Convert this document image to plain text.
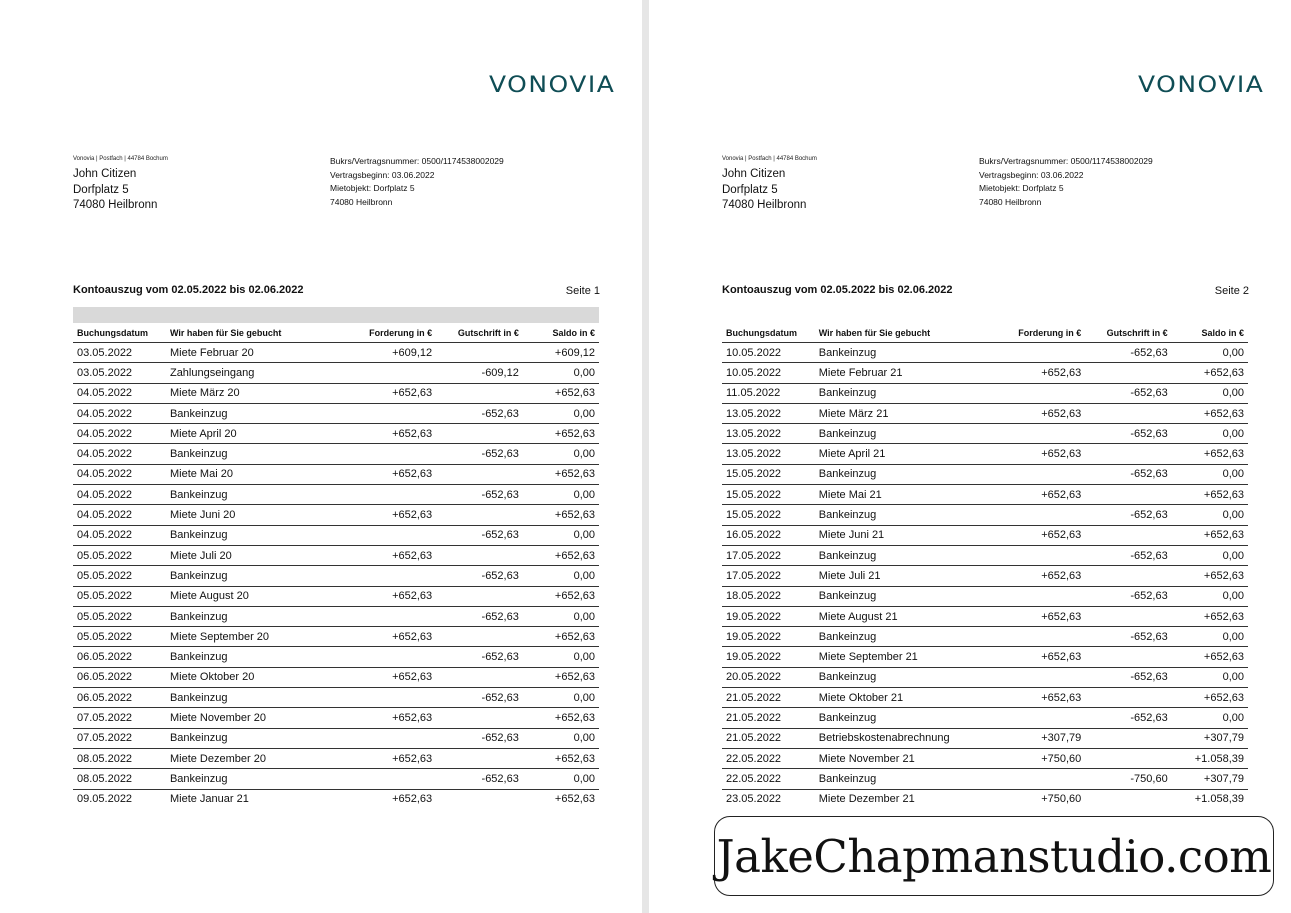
VONOVIA
Vonovia | Postfach | 44784 Bochum
John Citizen
Dorfplatz 5
74080 Heilbronn
Bukrs/Vertragsnummer: 0500/1174538002029
Vertragsbeginn: 03.06.2022
Mietobjekt: Dorfplatz 5
74080 Heilbronn
Kontoauszug vom 02.05.2022 bis 02.06.2022	Seite 1
Buchungsdatum	Wir haben für Sie gebucht	Forderung in €	Gutschrift in €	Saldo in €
03.05.2022	Miete Februar 20	+609,12		+609,12
03.05.2022	Zahlungseingang		-609,12	0,00
04.05.2022	Miete März 20	+652,63		+652,63
04.05.2022	Bankeinzug		-652,63	0,00
04.05.2022	Miete April 20	+652,63		+652,63
04.05.2022	Bankeinzug		-652,63	0,00
04.05.2022	Miete Mai 20	+652,63		+652,63
04.05.2022	Bankeinzug		-652,63	0,00
04.05.2022	Miete Juni 20	+652,63		+652,63
04.05.2022	Bankeinzug		-652,63	0,00
05.05.2022	Miete Juli 20	+652,63		+652,63
05.05.2022	Bankeinzug		-652,63	0,00
05.05.2022	Miete August 20	+652,63		+652,63
05.05.2022	Bankeinzug		-652,63	0,00
05.05.2022	Miete September 20	+652,63		+652,63
06.05.2022	Bankeinzug		-652,63	0,00
06.05.2022	Miete Oktober 20	+652,63		+652,63
06.05.2022	Bankeinzug		-652,63	0,00
07.05.2022	Miete November 20	+652,63		+652,63
07.05.2022	Bankeinzug		-652,63	0,00
08.05.2022	Miete Dezember 20	+652,63		+652,63
08.05.2022	Bankeinzug		-652,63	0,00
09.05.2022	Miete Januar 21	+652,63		+652,63
VONOVIA
Vonovia | Postfach | 44784 Bochum
John Citizen
Dorfplatz 5
74080 Heilbronn
Bukrs/Vertragsnummer: 0500/1174538002029
Vertragsbeginn: 03.06.2022
Mietobjekt: Dorfplatz 5
74080 Heilbronn
Kontoauszug vom 02.05.2022 bis 02.06.2022	Seite 2
Buchungsdatum	Wir haben für Sie gebucht	Forderung in €	Gutschrift in €	Saldo in €
10.05.2022	Bankeinzug		-652,63	0,00
10.05.2022	Miete Februar 21	+652,63		+652,63
11.05.2022	Bankeinzug		-652,63	0,00
13.05.2022	Miete März 21	+652,63		+652,63
13.05.2022	Bankeinzug		-652,63	0,00
13.05.2022	Miete April 21	+652,63		+652,63
15.05.2022	Bankeinzug		-652,63	0,00
15.05.2022	Miete Mai 21	+652,63		+652,63
15.05.2022	Bankeinzug		-652,63	0,00
16.05.2022	Miete Juni 21	+652,63		+652,63
17.05.2022	Bankeinzug		-652,63	0,00
17.05.2022	Miete Juli 21	+652,63		+652,63
18.05.2022	Bankeinzug		-652,63	0,00
19.05.2022	Miete August 21	+652,63		+652,63
19.05.2022	Bankeinzug		-652,63	0,00
19.05.2022	Miete September 21	+652,63		+652,63
20.05.2022	Bankeinzug		-652,63	0,00
21.05.2022	Miete Oktober 21	+652,63		+652,63
21.05.2022	Bankeinzug		-652,63	0,00
21.05.2022	Betriebskostenabrechnung	+307,79		+307,79
22.05.2022	Miete November 21	+750,60		+1.058,39
22.05.2022	Bankeinzug		-750,60	+307,79
23.05.2022	Miete Dezember 21	+750,60		+1.058,39
JakeChapmanstudio.com
